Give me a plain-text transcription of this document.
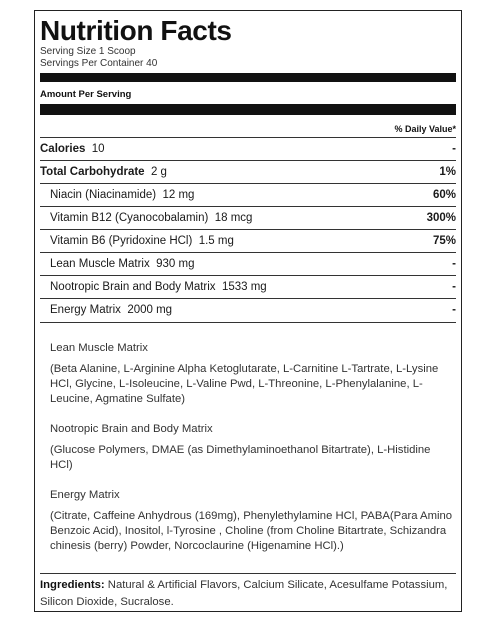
Nutrition Facts
Serving Size 1 Scoop
Servings Per Container 40
Amount Per Serving
% Daily Value*
Calories 10	-
Total Carbohydrate 2 g	1%
Niacin (Niacinamide) 12 mg	60%
Vitamin B12 (Cyanocobalamin) 18 mcg	300%
Vitamin B6 (Pyridoxine HCl) 1.5 mg	75%
Lean Muscle Matrix 930 mg	-
Nootropic Brain and Body Matrix 1533 mg	-
Energy Matrix 2000 mg	-
Lean Muscle Matrix
(Beta Alanine, L-Arginine Alpha Ketoglutarate, L-Carnitine L-Tartrate, L-Lysine HCl, Glycine, L-Isoleucine, L-Valine Pwd, L-Threonine, L-Phenylalanine, L-Leucine, Agmatine Sulfate)
Nootropic Brain and Body Matrix
(Glucose Polymers, DMAE (as Dimethylaminoethanol Bitartrate), L-Histidine HCl)
Energy Matrix
(Citrate, Caffeine Anhydrous (169mg), Phenylethylamine HCl, PABA(Para Amino Benzoic Acid), Inositol, l-Tyrosine , Choline (from Choline Bitartrate, Schizandra chinesis (berry) Powder, Norcoclaurine (Higenamine HCl).)
Ingredients: Natural & Artificial Flavors, Calcium Silicate, Acesulfame Potassium, Silicon Dioxide, Sucralose.
